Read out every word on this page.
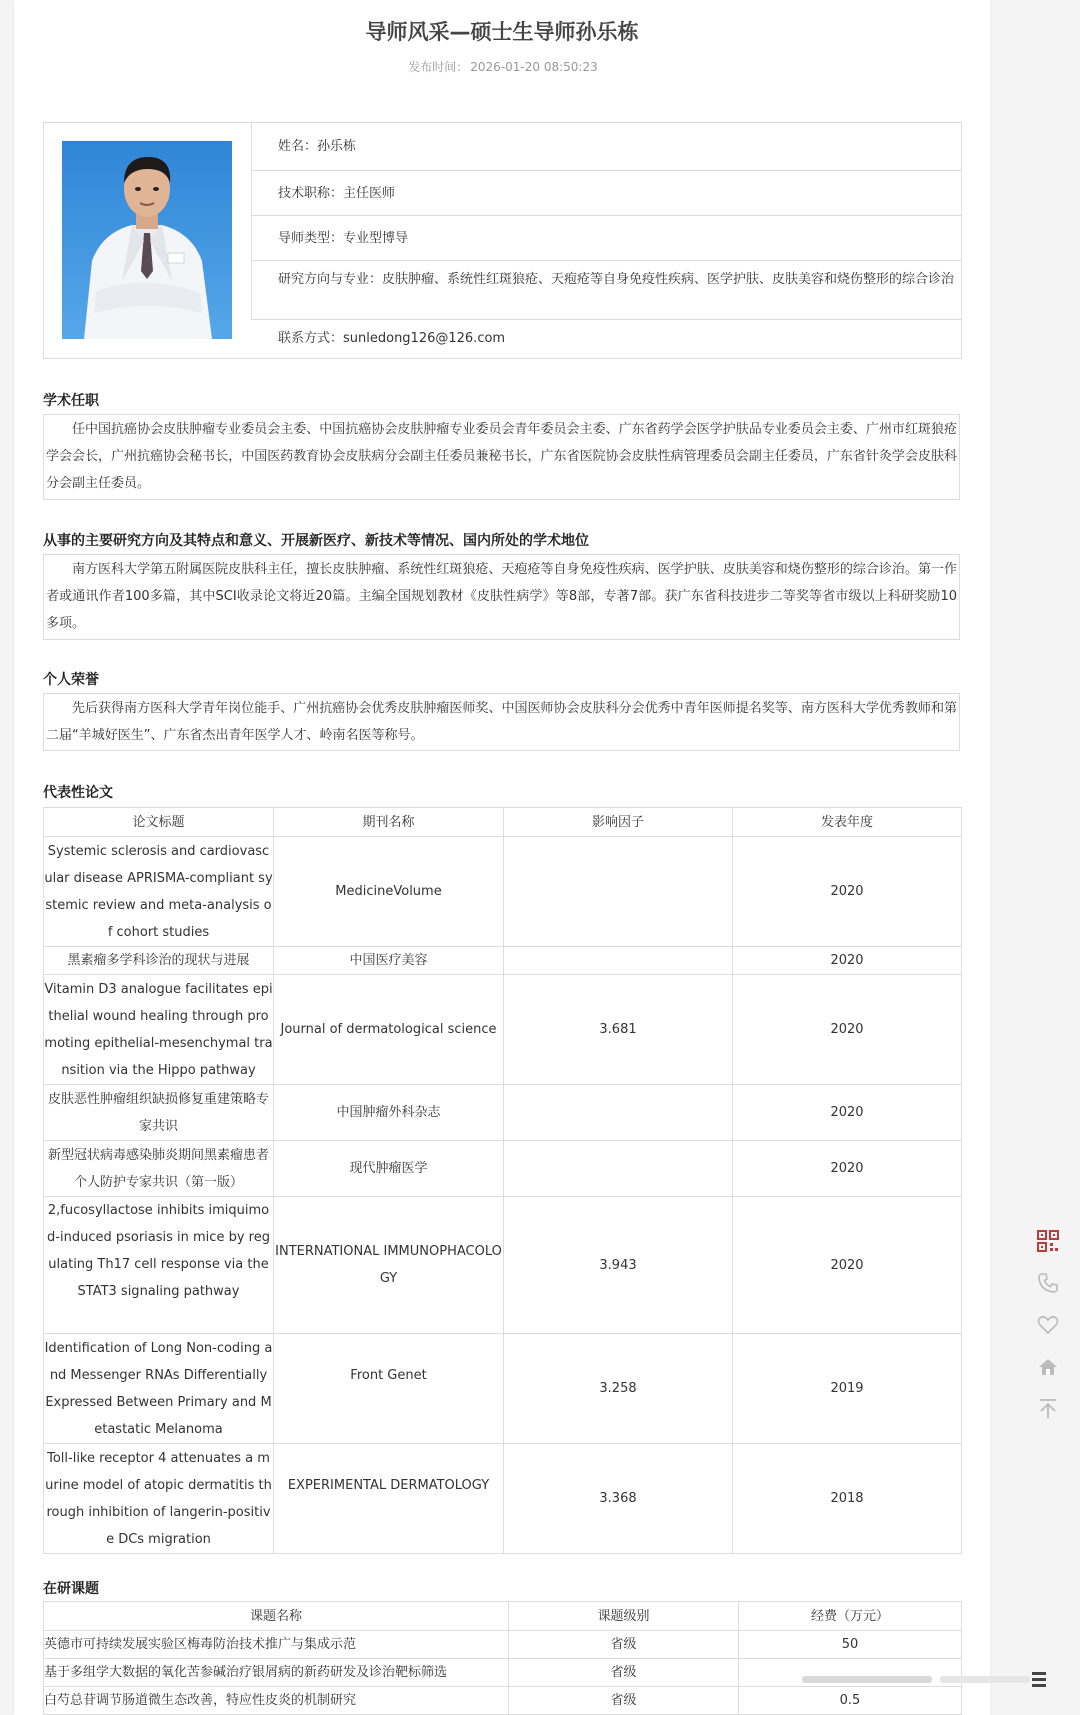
导师风采—硕士生导师孙乐栋
发布时间： 2026-01-20 08:50:23
姓名：孙乐栋
技术职称：主任医师
导师类型：专业型博导
研究方向与专业：皮肤肿瘤、系统性红斑狼疮、天疱疮等自身免疫性疾病、医学护肤、皮肤美容和烧伤整形的综合诊治
联系方式：sunledong126@126.com
学术任职
任中国抗癌协会皮肤肿瘤专业委员会主委、中国抗癌协会皮肤肿瘤专业委员会青年委员会主委、广东省药学会医学护肤品专业委员会主委、广州市红斑狼疮学会会长，广州抗癌协会秘书长，中国医药教育协会皮肤病分会副主任委员兼秘书长，广东省医院协会皮肤性病管理委员会副主任委员，广东省针灸学会皮肤科分会副主任委员。
从事的主要研究方向及其特点和意义、开展新医疗、新技术等情况、国内所处的学术地位
南方医科大学第五附属医院皮肤科主任，擅长皮肤肿瘤、系统性红斑狼疮、天疱疮等自身免疫性疾病、医学护肤、皮肤美容和烧伤整形的综合诊治。第一作者或通讯作者100多篇，其中SCI收录论文将近20篇。主编全国规划教材《皮肤性病学》等8部，专著7部。获广东省科技进步二等奖等省市级以上科研奖励10多项。
个人荣誉
先后获得南方医科大学青年岗位能手、广州抗癌协会优秀皮肤肿瘤医师奖、中国医师协会皮肤科分会优秀中青年医师提名奖等、南方医科大学优秀教师和第二届“羊城好医生”、广东省杰出青年医学人才、岭南名医等称号。
代表性论文
论文标题	期刊名称	影响因子	发表年度
Systemic sclerosis and cardiovascular disease APRISMA-compliant systemic review and meta-analysis of cohort studies	MedicineVolume		2020
黑素瘤多学科诊治的现状与进展	中国医疗美容		2020
Vitamin D3 analogue facilitates epithelial wound healing through promoting epithelial-mesenchymal transition via the Hippo pathway	Journal of dermatological science	3.681	2020
皮肤恶性肿瘤组织缺损修复重建策略专家共识	中国肿瘤外科杂志		2020
新型冠状病毒感染肺炎期间黑素瘤患者个人防护专家共识（第一版）	现代肿瘤医学		2020
2,fucosyllactose inhibits imiquimod-induced psoriasis in mice by regulating Th17 cell response via the STAT3 signaling pathway	INTERNATIONAL IMMUNOPHACOLOGY	3.943	2020
Identification of Long Non-coding and Messenger RNAs Differentially Expressed Between Primary and Metastatic Melanoma	Front Genet	3.258	2019
Toll-like receptor 4 attenuates a murine model of atopic dermatitis through inhibition of langerin-positive DCs migration	EXPERIMENTAL DERMATOLOGY	3.368	2018
在研课题
课题名称	课题级别	经费（万元）
英德市可持续发展实验区梅毒防治技术推广与集成示范	省级	50
基于多组学大数据的氧化苦参碱治疗银屑病的新药研发及诊治靶标筛选	省级	
白芍总苷调节肠道微生态改善，特应性皮炎的机制研究	省级	0.5
